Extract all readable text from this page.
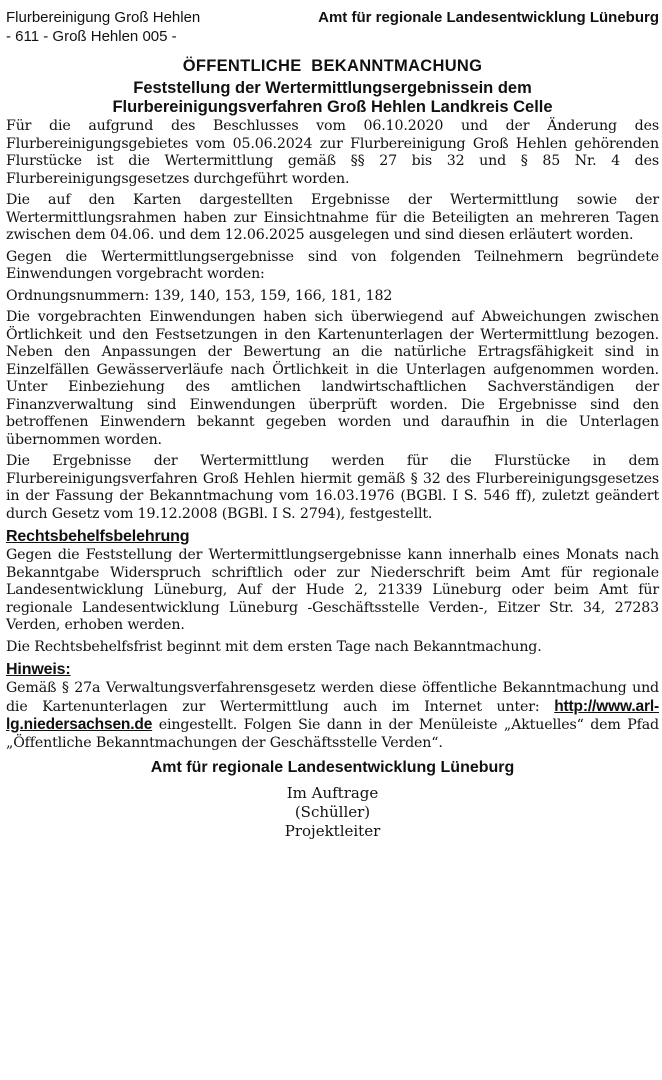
Flurbereinigung Groß Hehlen
- 611 - Groß Hehlen 005 -
Amt für regionale Landesentwicklung Lüneburg
ÖFFENTLICHE  BEKANNTMACHUNG
Feststellung der Wertermittlungsergebnissein dem
Flurbereinigungsverfahren Groß Hehlen Landkreis Celle

Für die aufgrund des Beschlusses vom 06.10.2020 und der Änderung des Flurbereinigungsgebietes vom 05.06.2024 zur Flurbereinigung Groß Hehlen gehörenden Flurstücke ist die Wertermittlung gemäß §§ 27 bis 32 und § 85 Nr. 4 des Flurbereinigungsgesetzes durchgeführt worden.

Die auf den Karten dargestellten Ergebnisse der Wertermittlung sowie der Wertermittlungsrahmen haben zur Einsichtnahme für die Beteiligten an mehreren Tagen zwischen dem 04.06. und dem 12.06.2025 ausgelegen und sind diesen erläutert worden.

Gegen die Wertermittlungsergebnisse sind von folgenden Teilnehmern begründete Einwendungen vorgebracht worden:

Ordnungsnummern: 139, 140, 153, 159, 166, 181, 182

Die vorgebrachten Einwendungen haben sich überwiegend auf Abweichungen zwischen Örtlichkeit und den Festsetzungen in den Kartenunterlagen der Wertermittlung bezogen. Neben den Anpassungen der Bewertung an die natürliche Ertragsfähigkeit sind in Einzelfällen Gewässerverläufe nach Örtlichkeit in die Unterlagen aufgenommen worden. Unter Einbeziehung des amtlichen landwirtschaftlichen Sachverständigen der Finanzverwaltung sind Einwendungen überprüft worden. Die Ergebnisse sind den betroffenen Einwendern bekannt gegeben worden und daraufhin in die Unterlagen übernommen worden.

Die Ergebnisse der Wertermittlung werden für die Flurstücke in dem Flurbereinigungsverfahren Groß Hehlen hiermit gemäß § 32 des Flurbereinigungsgesetzes in der Fassung der Bekanntmachung vom 16.03.1976 (BGBl. I S. 546 ff), zuletzt geändert durch Gesetz vom 19.12.2008 (BGBl. I S. 2794), festgestellt.

Rechtsbehelfsbelehrung

Gegen die Feststellung der Wertermittlungsergebnisse kann innerhalb eines Monats nach Bekanntgabe Widerspruch schriftlich oder zur Niederschrift beim Amt für regionale Landesentwicklung Lüneburg, Auf der Hude 2, 21339 Lüneburg oder beim Amt für regionale Landesentwicklung Lüneburg -Geschäftsstelle Verden-, Eitzer Str. 34, 27283 Verden, erhoben werden.

Die Rechtsbehelfsfrist beginnt mit dem ersten Tage nach Bekanntmachung.

Hinweis:

Gemäß § 27a Verwaltungsverfahrensgesetz werden diese öffentliche Bekanntmachung und die Kartenunterlagen zur Wertermittlung auch im Internet unter: http://www.arl-lg.niedersachsen.de eingestellt. Folgen Sie dann in der Menüleiste „Aktuelles“ dem Pfad „Öffentliche Bekanntmachungen der Geschäftsstelle Verden“.

Amt für regionale Landesentwicklung Lüneburg
Im Auftrage
(Schüller)
Projektleiter
